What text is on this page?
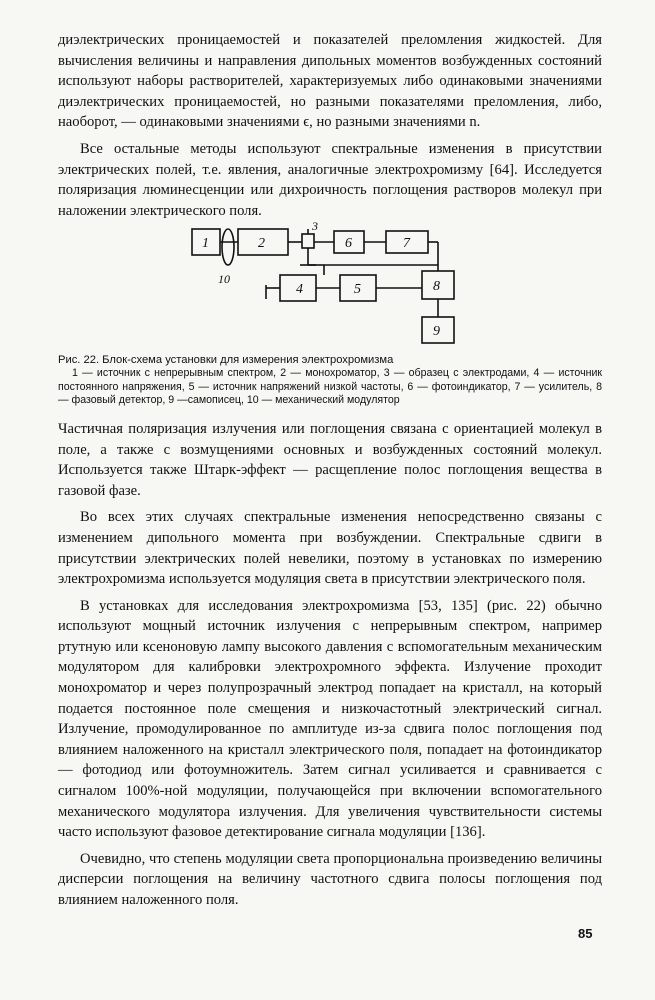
диэлектрических проницаемостей и показателей преломления жидкостей. Для вычисления величины и направления дипольных моментов возбужденных состояний используют наборы растворителей, характеризуемых либо одинаковыми значениями диэлектрических проницаемостей, но разными показателями преломления, либо, наоборот, — одинаковыми значениями ϵ, но разными значениями n.

Все остальные методы используют спектральные изменения в присутствии электрических полей, т.е. явления, аналогичные электрохромизму [64]. Исследуется поляризация люминесценции или дихроичность поглощения растворов молекул при наложении электрического поля.

1	2
3
4	5
6	7
8
9
10

Рис. 22. Блок-схема установки для измерения электрохромизма

1 — источник с непрерывным спектром, 2 — монохроматор, 3 — образец с электродами, 4 — источник постоянного напряжения, 5 — источник напряжений низкой частоты, 6 — фотоиндикатор, 7 — усилитель, 8 — фазовый детектор, 9 —самописец, 10 — механический модулятор

Частичная поляризация излучения или поглощения связана с ориентацией молекул в поле, а также с возмущениями основных и возбужденных состояний молекул. Используется также Штарк-эффект — расщепление полос поглощения вещества в газовой фазе.

Во всех этих случаях спектральные изменения непосредственно связаны с изменением дипольного момента при возбуждении. Спектральные сдвиги в присутствии электрических полей невелики, поэтому в установках по измерению электрохромизма используется модуляция света в присутствии электрического поля.

В установках для исследования электрохромизма [53, 135] (рис. 22) обычно используют мощный источник излучения с непрерывным спектром, например ртутную или ксеноновую лампу высокого давления с вспомогательным механическим модулятором для калибровки электрохромного эффекта. Излучение проходит монохроматор и через полупрозрачный электрод попадает на кристалл, на который подается постоянное поле смещения и низкочастотный электрический сигнал. Излучение, промодулированное по амплитуде из-за сдвига полос поглощения под влиянием наложенного на кристалл электрического поля, попадает на фотоиндикатор — фотодиод или фотоумножитель. Затем сигнал усиливается и сравнивается с сигналом 100%-ной модуляции, получающейся при включении вспомогательного механического модулятора излучения. Для увеличения чувствительности системы часто используют фазовое детектирование сигнала модуляции [136].

Очевидно, что степень модуляции света пропорциональна произведению величины дисперсии поглощения на величину частотного сдвига полосы поглощения под влиянием наложенного поля.

85
